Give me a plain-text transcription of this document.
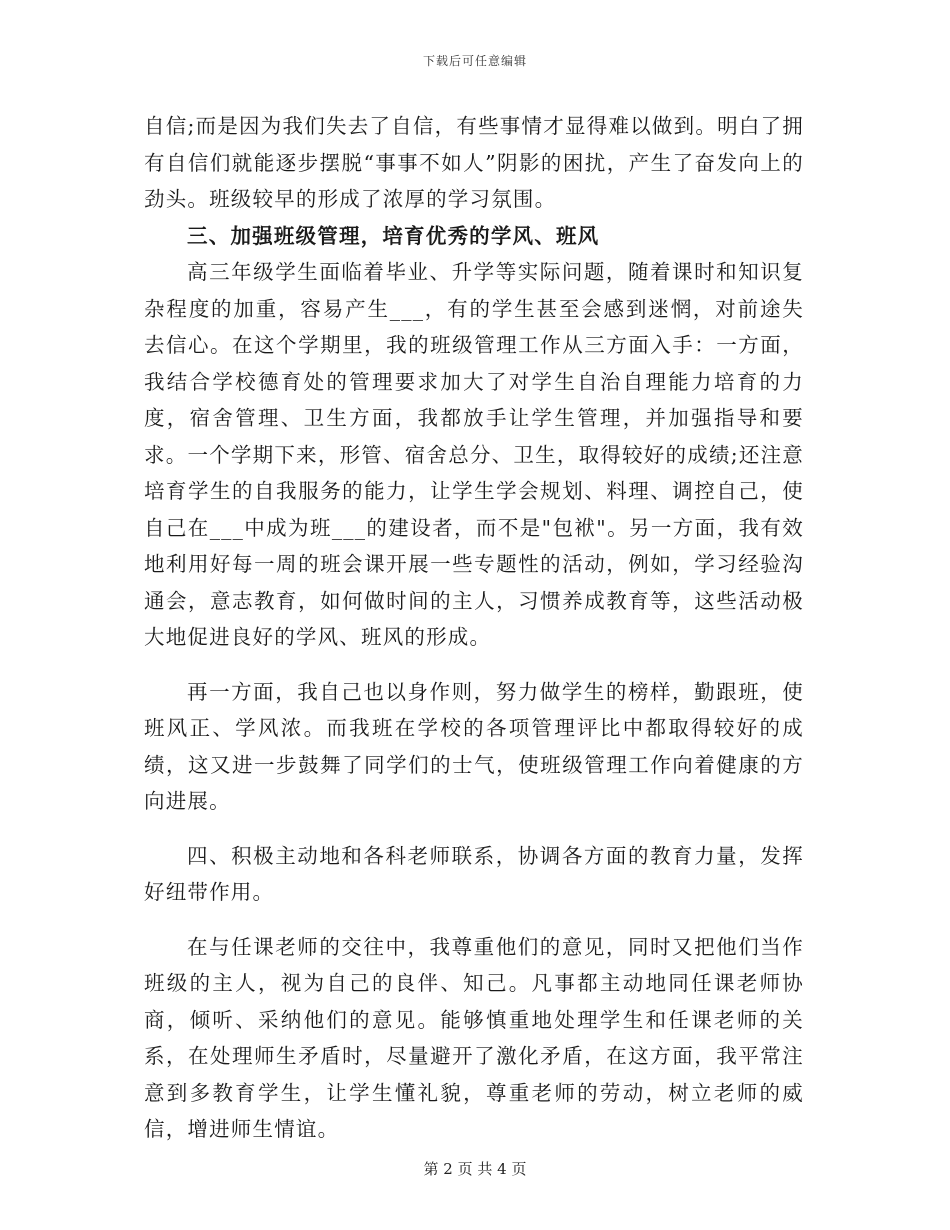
下载后可任意编辑

自信;而是因为我们失去了自信，有些事情才显得难以做到。明白了拥有自信们就能逐步摆脱“事事不如人”阴影的困扰，产生了奋发向上的劲头。班级较早的形成了浓厚的学习氛围。

三、加强班级管理，培育优秀的学风、班风

高三年级学生面临着毕业、升学等实际问题，随着课时和知识复杂程度的加重，容易产生___，有的学生甚至会感到迷惘，对前途失去信心。在这个学期里，我的班级管理工作从三方面入手：一方面，我结合学校德育处的管理要求加大了对学生自治自理能力培育的力度，宿舍管理、卫生方面，我都放手让学生管理，并加强指导和要求。一个学期下来，形管、宿舍总分、卫生，取得较好的成绩;还注意培育学生的自我服务的能力，让学生学会规划、料理、调控自己，使自己在___中成为班___的建设者，而不是"包袱"。另一方面，我有效地利用好每一周的班会课开展一些专题性的活动，例如，学习经验沟通会，意志教育，如何做时间的主人，习惯养成教育等，这些活动极大地促进良好的学风、班风的形成。

再一方面，我自己也以身作则，努力做学生的榜样，勤跟班，使班风正、学风浓。而我班在学校的各项管理评比中都取得较好的成绩，这又进一步鼓舞了同学们的士气，使班级管理工作向着健康的方向进展。

四、积极主动地和各科老师联系，协调各方面的教育力量，发挥好纽带作用。

在与任课老师的交往中，我尊重他们的意见，同时又把他们当作班级的主人，视为自己的良伴、知己。凡事都主动地同任课老师协商，倾听、采纳他们的意见。能够慎重地处理学生和任课老师的关系，在处理师生矛盾时，尽量避开了激化矛盾，在这方面，我平常注意到多教育学生，让学生懂礼貌，尊重老师的劳动，树立老师的威信，增进师生情谊。

第 2 页 共 4 页
